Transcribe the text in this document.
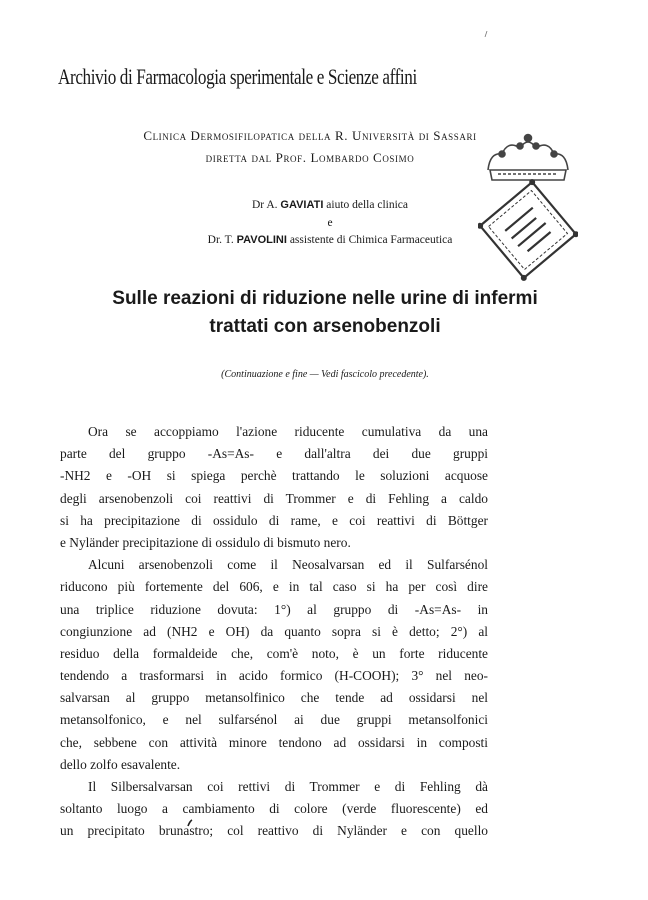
Archivio di Farmacologia sperimentale e Scienze affini
Clinica Dermosifilopatica della R. Università di Sassari
diretta dal Prof. Lombardo Cosimo
Dr A. GAVIATI aiuto della clinica
e
Dr. T. PAVOLINI assistente di Chimica Farmaceutica
Sulle reazioni di riduzione nelle urine di infermi
trattati con arsenobenzoli
(Continuazione e fine — Vedi fascicolo precedente).
Ora se accoppiamo l'azione riducente cumulativa da una
parte del gruppo -As=As- e dall'altra dei due gruppi
-NH2 e -OH si spiega perchè trattando le soluzioni acquose
degli arsenobenzoli coi reattivi di Trommer e di Fehling a caldo
si ha precipitazione di ossidulo di rame, e coi reattivi di Böttger
e Nyländer precipitazione di ossidulo di bismuto nero.
Alcuni arsenobenzoli come il Neosalvarsan ed il Sulfarsénol
riducono più fortemente del 606, e in tal caso si ha per così dire
una triplice riduzione dovuta: 1°) al gruppo di -As=As- in
congiunzione ad (NH2 e OH) da quanto sopra si è detto; 2°) al
residuo della formaldeide che, com'è noto, è un forte riducente
tendendo a trasformarsi in acido formico (H-COOH); 3° nel neo-
salvarsan al gruppo metansolfinico che tende ad ossidarsi nel
metansolfonico, e nel sulfarsénol ai due gruppi metansolfonici
che, sebbene con attività minore tendono ad ossidarsi in composti
dello zolfo esavalente.
Il Silbersalvarsan coi rettivi di Trommer e di Fehling dà
soltanto luogo a cambiamento di colore (verde fluorescente) ed
un precipitato brunastro; col reattivo di Nyländer e con quello
